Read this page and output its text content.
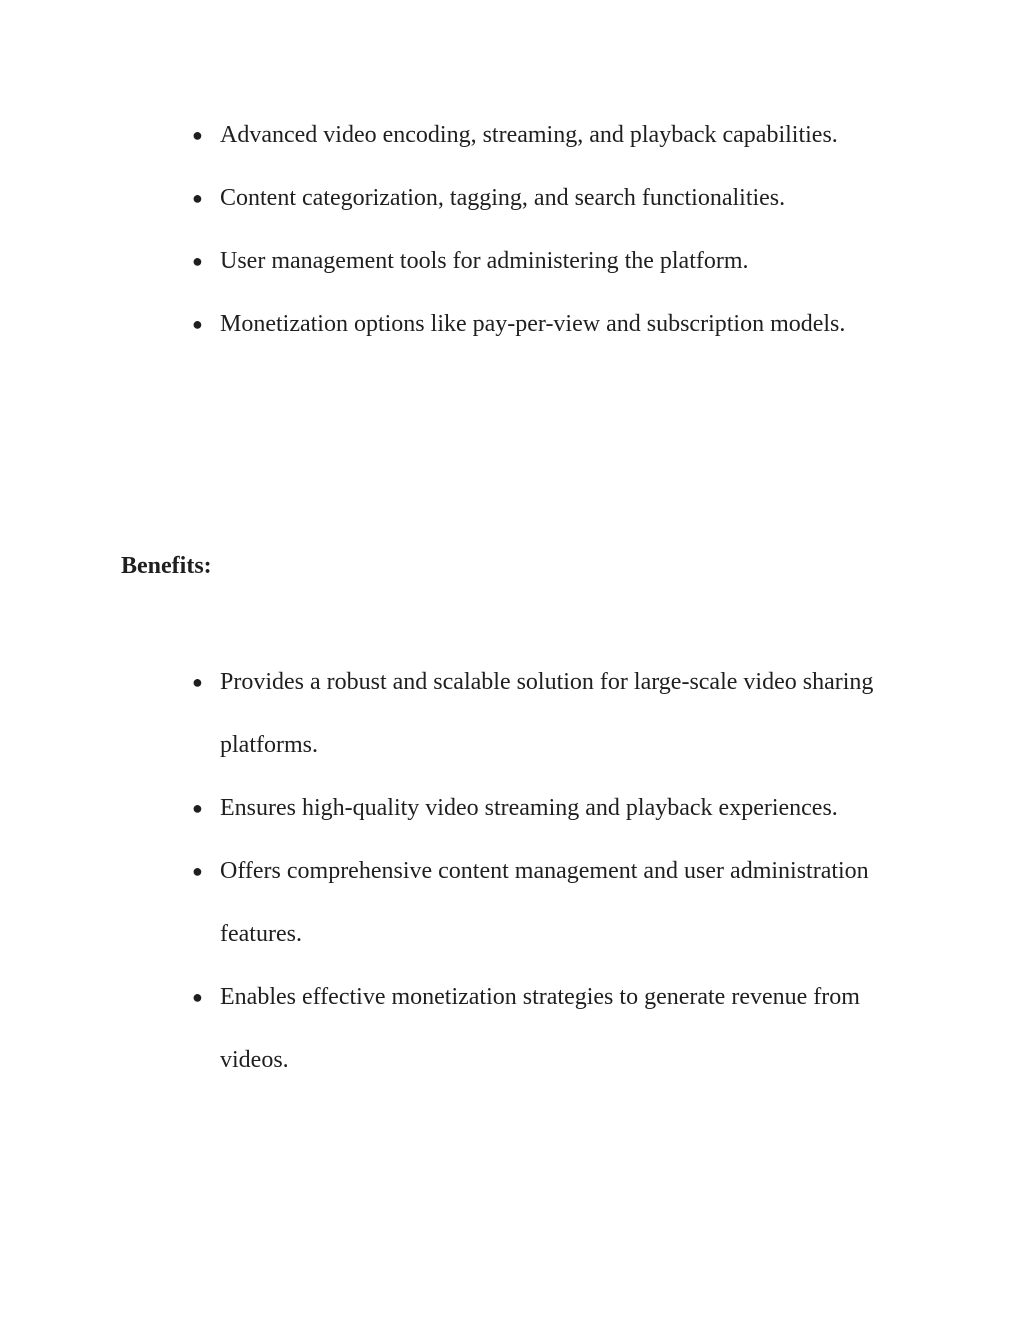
● Advanced video encoding, streaming, and playback capabilities.
● Content categorization, tagging, and search functionalities.
● User management tools for administering the platform.
● Monetization options like pay-per-view and subscription models.
Benefits:
● Provides a robust and scalable solution for large-scale video sharing platforms.
● Ensures high-quality video streaming and playback experiences.
● Offers comprehensive content management and user administration features.
● Enables effective monetization strategies to generate revenue from videos.
